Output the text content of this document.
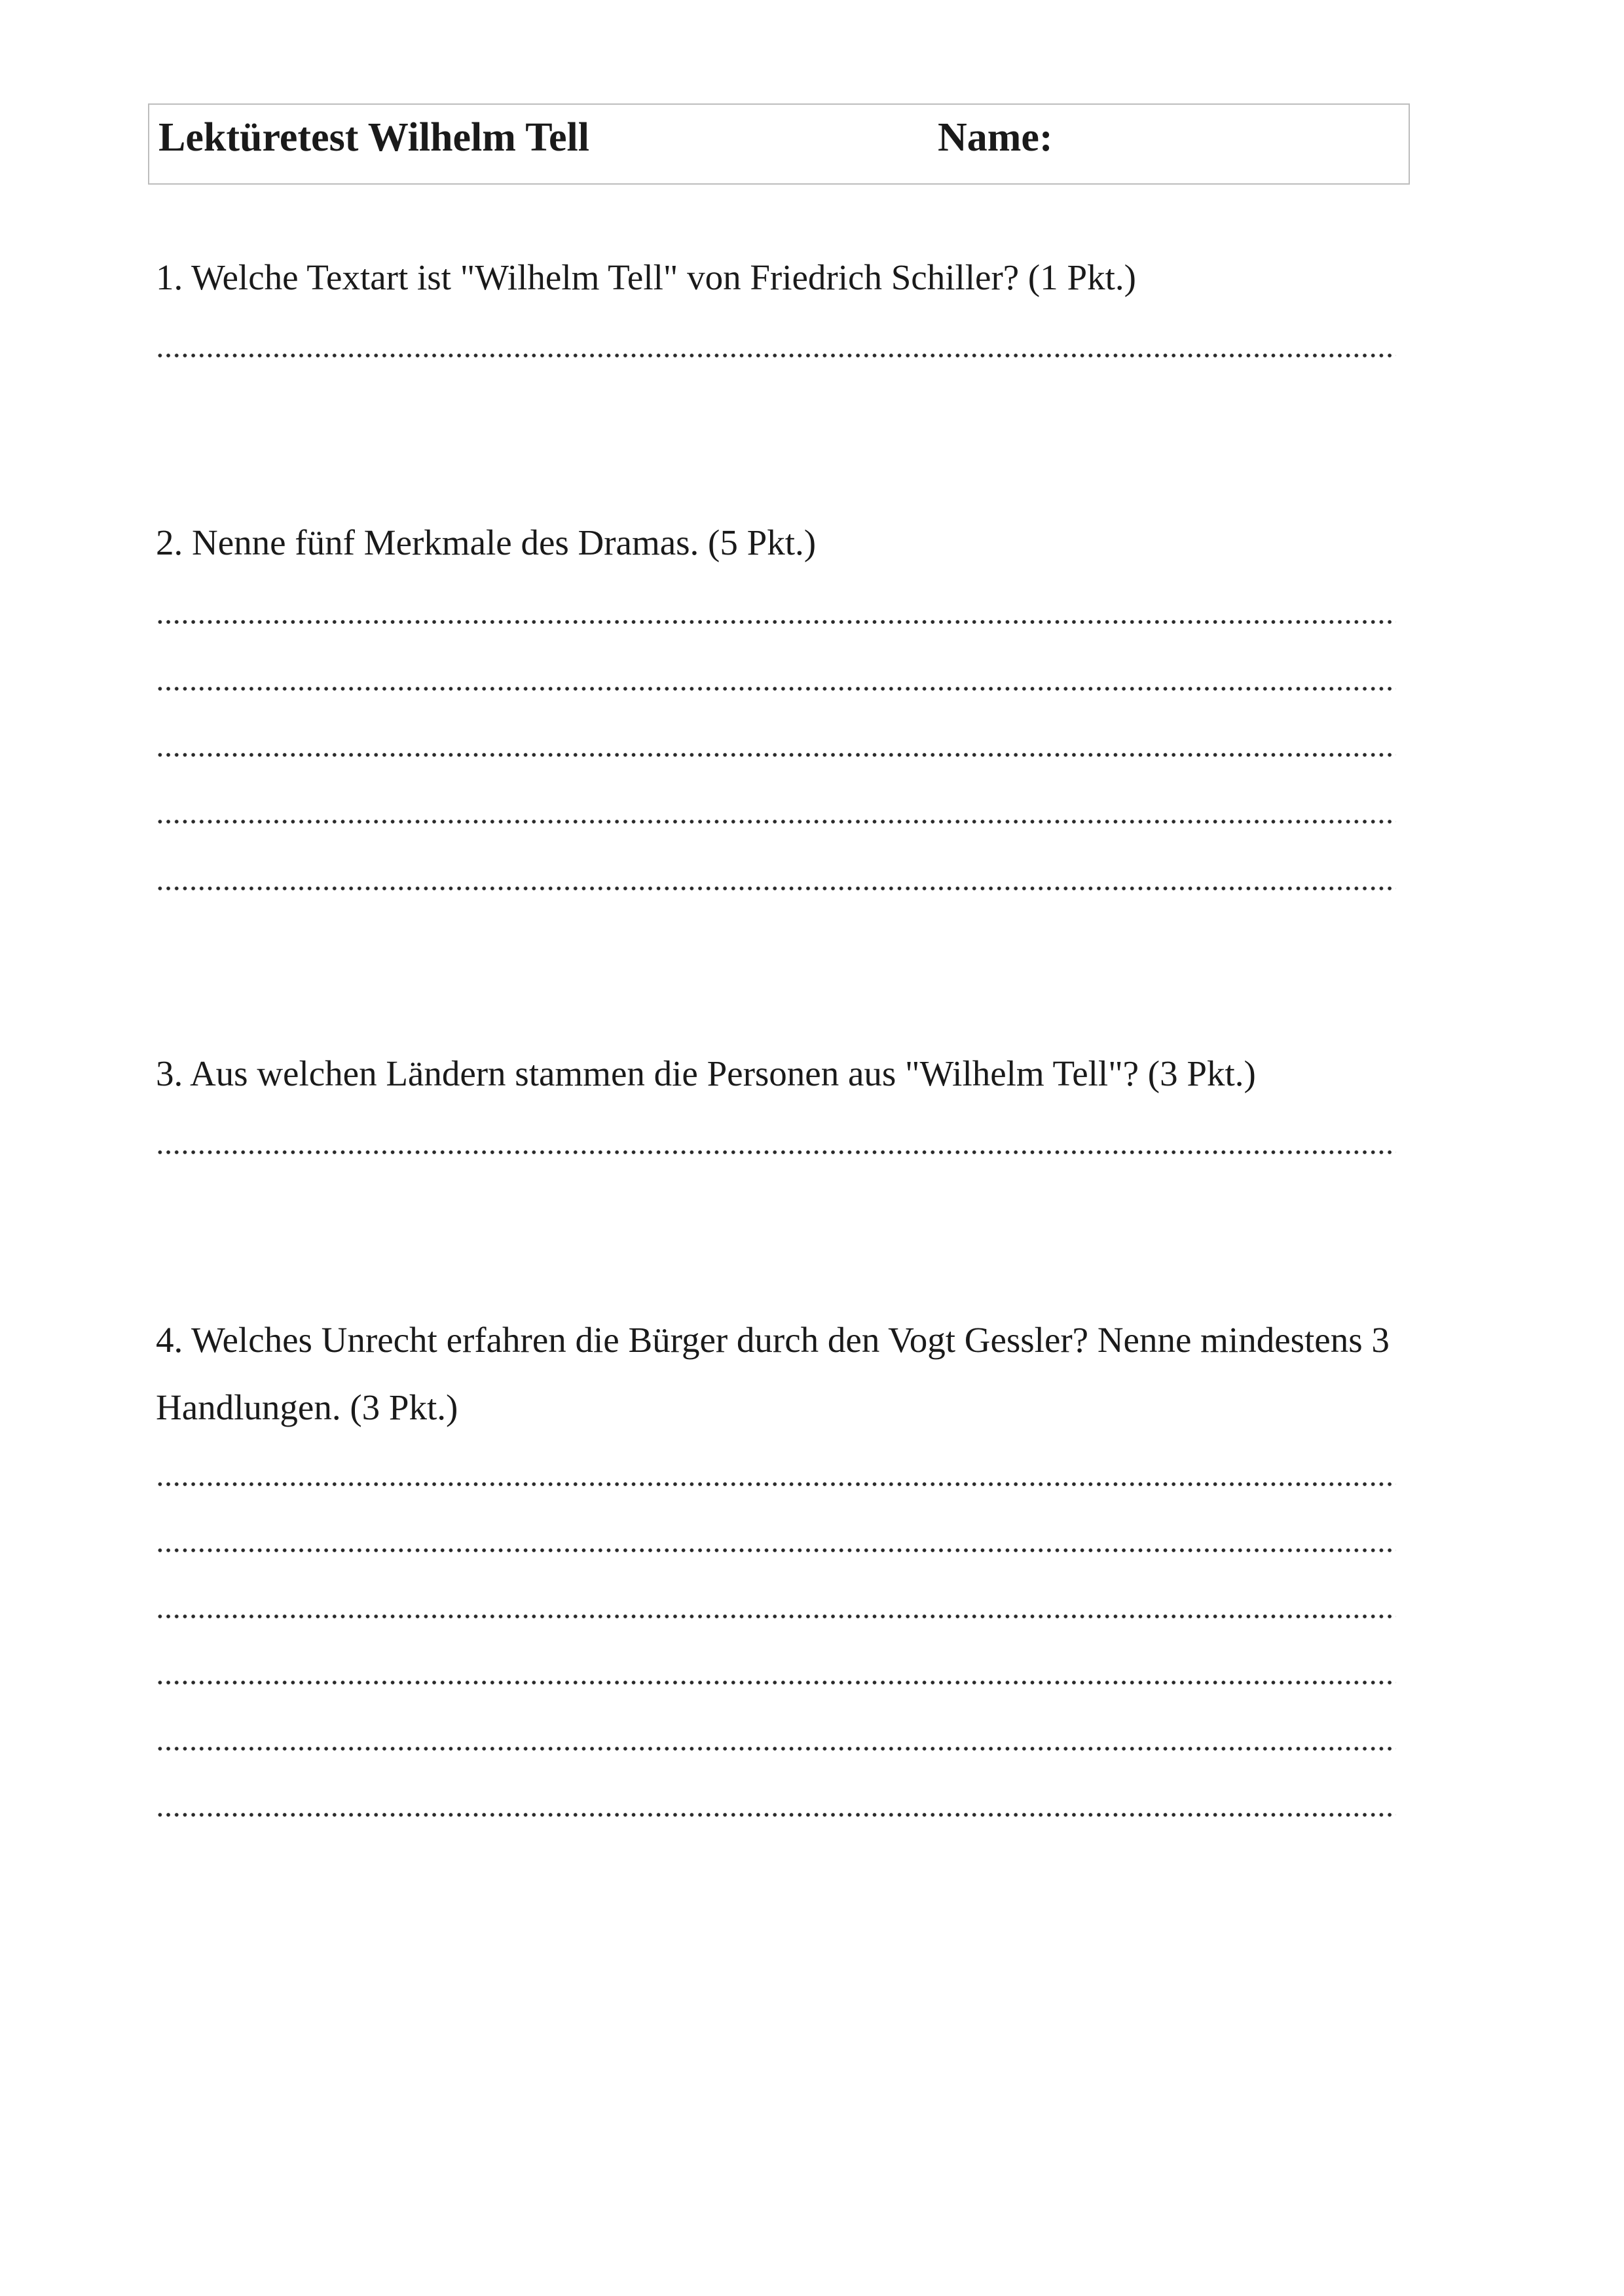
Lektüretest Wilhelm Tell	Name:

1. Welche Textart ist "Wilhelm Tell" von Friedrich Schiller? (1 Pkt.)

2. Nenne fünf Merkmale des Dramas. (5 Pkt.)

3. Aus welchen Ländern stammen die Personen aus "Wilhelm Tell"? (3 Pkt.)

4. Welches Unrecht erfahren die Bürger durch den Vogt Gessler? Nenne mindestens 3 Handlungen. (3 Pkt.)
